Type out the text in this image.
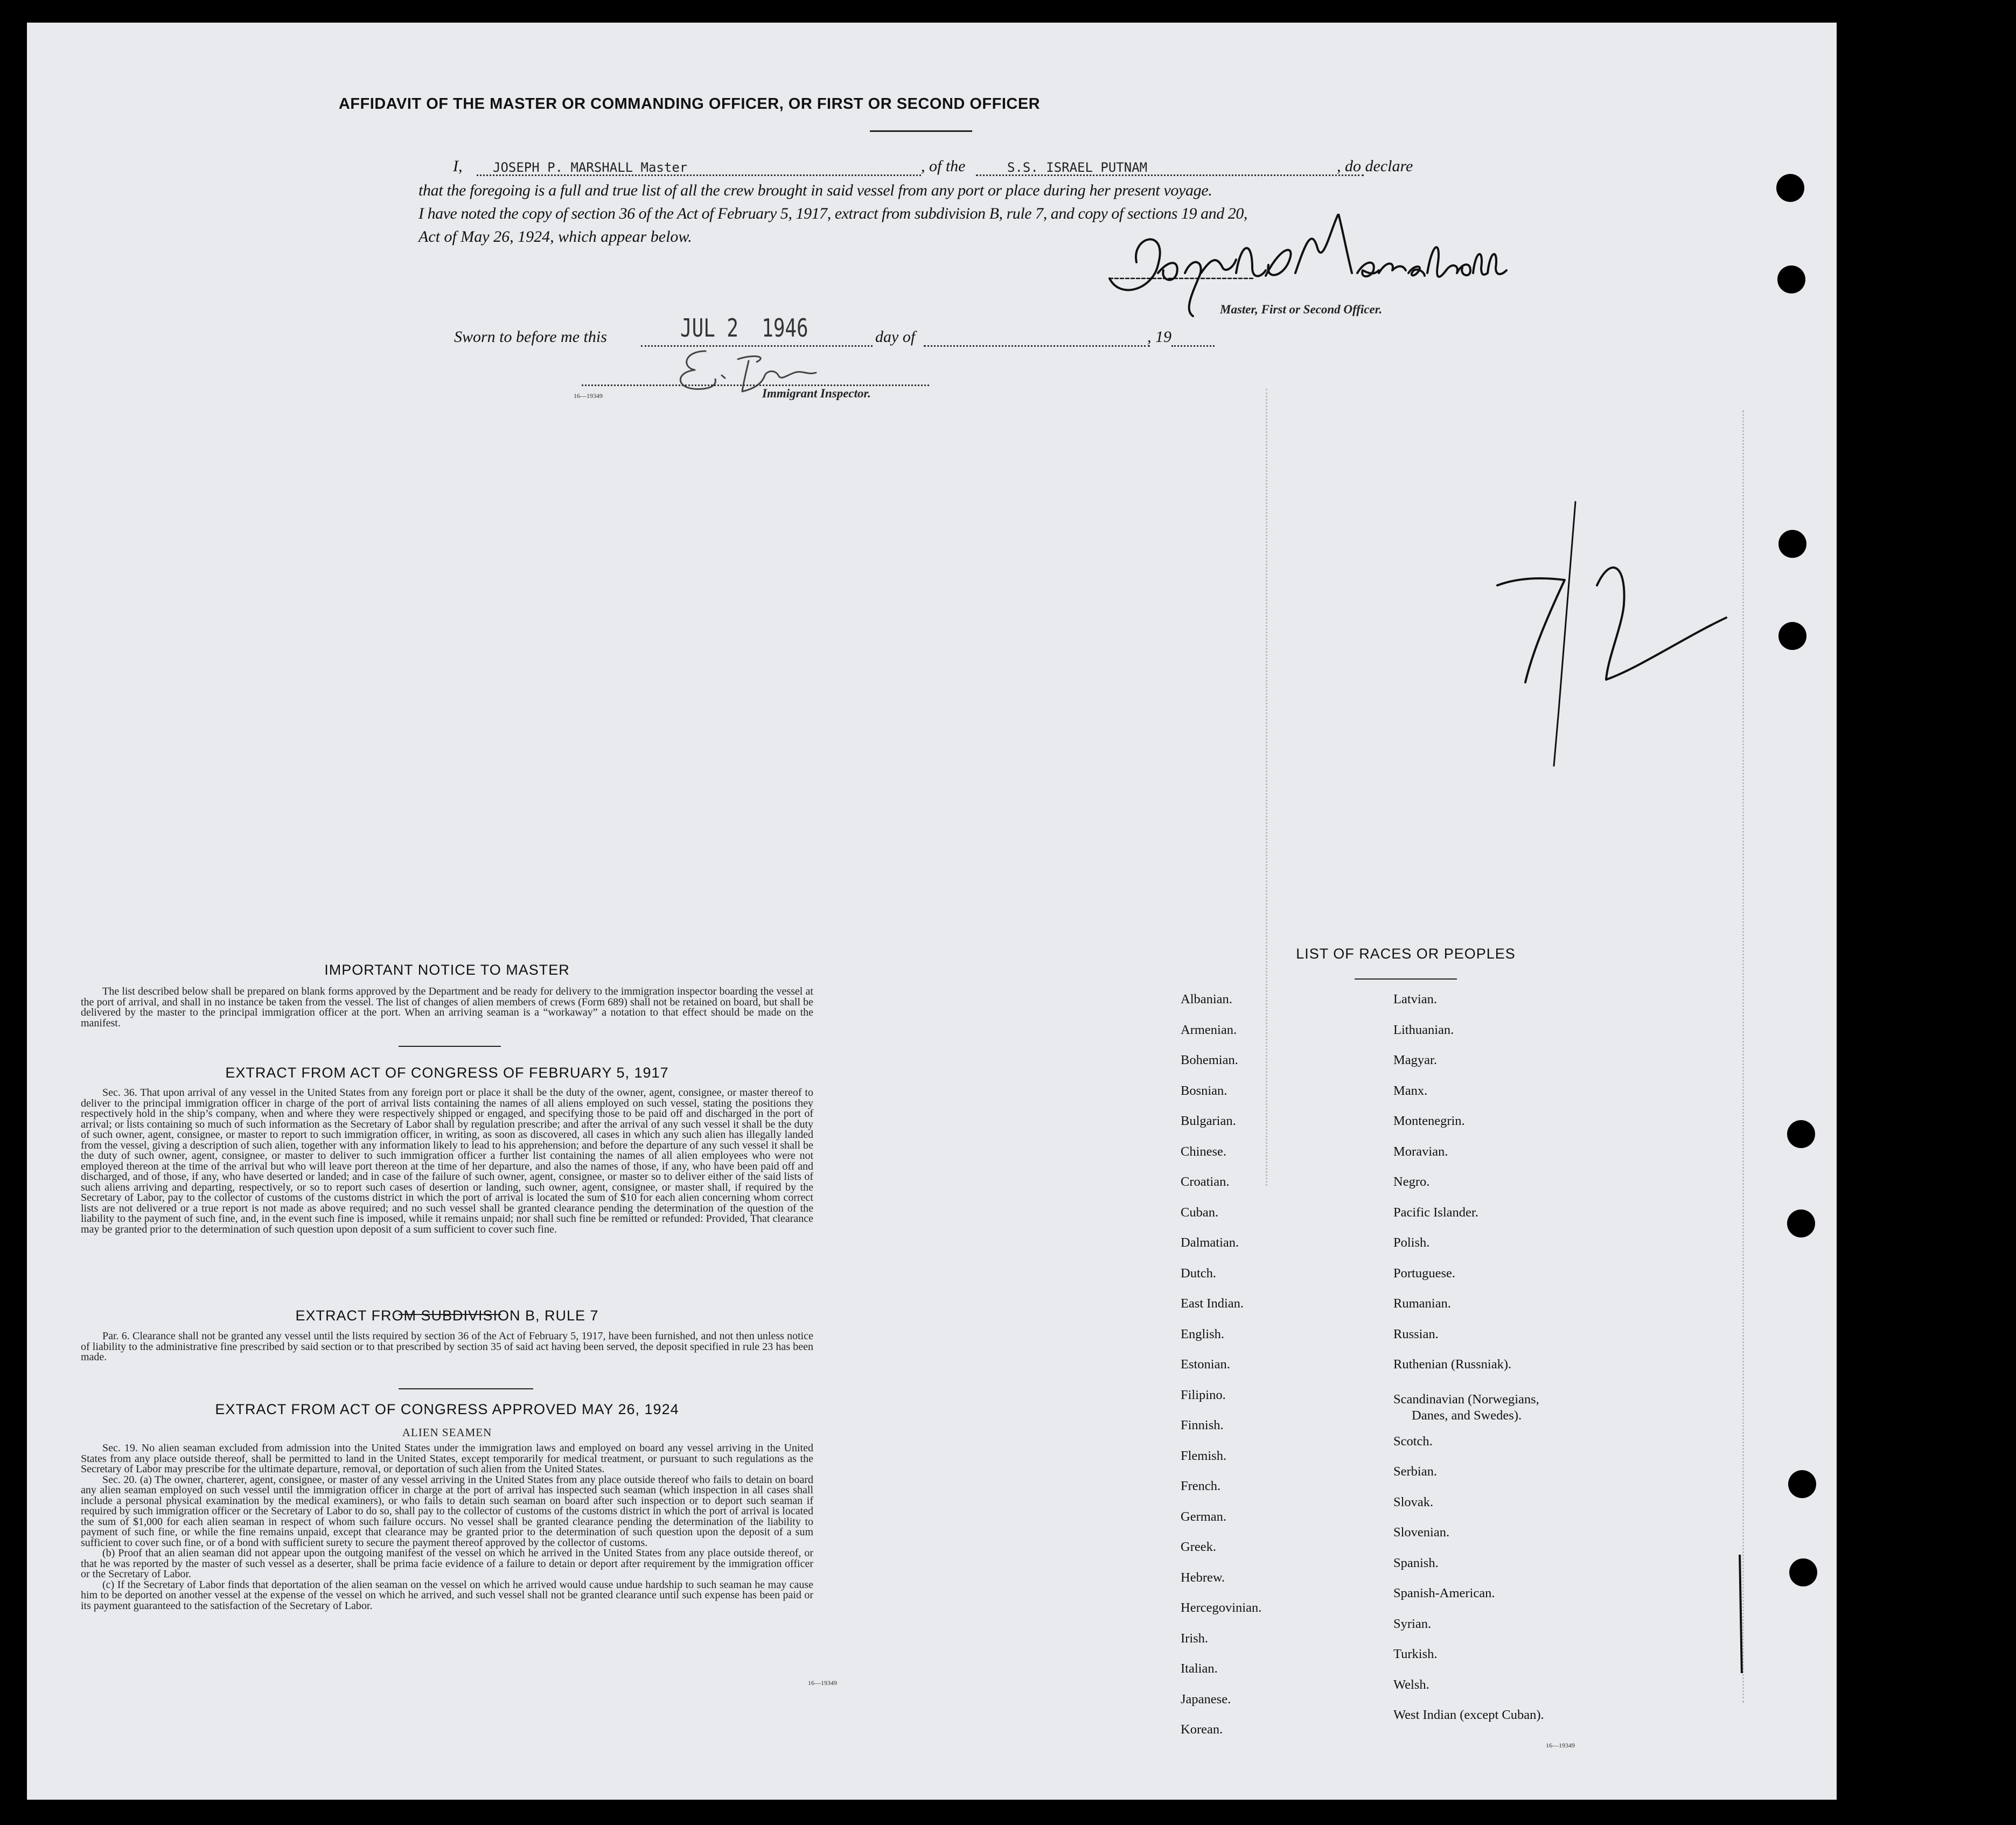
AFFIDAVIT OF THE MASTER OR COMMANDING OFFICER, OR FIRST OR SECOND OFFICER
I, JOSEPH P. MARSHALL Master	, of the	S.S. ISRAEL PUTNAM	, do declare
that the foregoing is a full and true list of all the crew brought in said vessel from any port or place during her present voyage.
I have noted the copy of section 36 of the Act of February 5, 1917, extract from subdivision B, rule 7, and copy of sections 19 and 20,
Act of May 26, 1924, which appear below.
Master, First or Second Officer.
Sworn to before me this	JUL 2  1946	day of	, 19
16—19349	Immigrant Inspector.
IMPORTANT NOTICE TO MASTER

The list described below shall be prepared on blank forms approved by the Department and be ready for delivery to the immigration inspector boarding the vessel at the port of arrival, and shall in no instance be taken from the vessel. The list of changes of alien members of crews (Form 689) shall not be retained on board, but shall be delivered by the master to the principal immigration officer at the port. When an arriving seaman is a “workaway” a notation to that effect should be made on the manifest.

EXTRACT FROM ACT OF CONGRESS OF FEBRUARY 5, 1917
Sec. 36. That upon arrival of any vessel in the United States from any foreign port or place it shall be the duty of the owner, agent, consignee, or master thereof to deliver to the principal immigration officer in charge of the port of arrival lists containing the names of all aliens employed on such vessel, stating the positions they respectively hold in the ship’s company, when and where they were respectively shipped or engaged, and specifying those to be paid off and discharged in the port of arrival; or lists containing so much of such information as the Secretary of Labor shall by regulation prescribe; and after the arrival of any such vessel it shall be the duty of such owner, agent, consignee, or master to report to such immigration officer, in writing, as soon as discovered, all cases in which any such alien has illegally landed from the vessel, giving a description of such alien, together with any information likely to lead to his apprehension; and before the departure of any such vessel it shall be the duty of such owner, agent, consignee, or master to deliver to such immigration officer a further list containing the names of all alien employees who were not employed thereon at the time of the arrival but who will leave port thereon at the time of her departure, and also the names of those, if any, who have been paid off and discharged, and of those, if any, who have deserted or landed; and in case of the failure of such owner, agent, consignee, or master so to deliver either of the said lists of such aliens arriving and departing, respectively, or so to report such cases of desertion or landing, such owner, agent, consignee, or master shall, if required by the Secretary of Labor, pay to the collector of customs of the customs district in which the port of arrival is located the sum of $10 for each alien concerning whom correct lists are not delivered or a true report is not made as above required; and no such vessel shall be granted clearance pending the determination of the question of the liability to the payment of such fine, and, in the event such fine is imposed, while it remains unpaid; nor shall such fine be remitted or refunded: Provided, That clearance may be granted prior to the determination of such question upon deposit of a sum sufficient to cover such fine.
EXTRACT FROM SUBDIVISION B, RULE 7
Par. 6. Clearance shall not be granted any vessel until the lists required by section 36 of the Act of February 5, 1917, have been furnished, and not then unless notice of liability to the administrative fine prescribed by said section or to that prescribed by section 35 of said act having been served, the deposit specified in rule 23 has been made.
EXTRACT FROM ACT OF CONGRESS APPROVED MAY 26, 1924
ALIEN SEAMEN
Sec. 19. No alien seaman excluded from admission into the United States under the immigration laws and employed on board any vessel arriving in the United States from any place outside thereof, shall be permitted to land in the United States, except temporarily for medical treatment, or pursuant to such regulations as the Secretary of Labor may prescribe for the ultimate departure, removal, or deportation of such alien from the United States.
Sec. 20. (a) The owner, charterer, agent, consignee, or master of any vessel arriving in the United States from any place outside thereof who fails to detain on board any alien seaman employed on such vessel until the immigration officer in charge at the port of arrival has inspected such seaman (which inspection in all cases shall include a personal physical examination by the medical examiners), or who fails to detain such seaman on board after such inspection or to deport such seaman if required by such immigration officer or the Secretary of Labor to do so, shall pay to the collector of customs of the customs district in which the port of arrival is located the sum of $1,000 for each alien seaman in respect of whom such failure occurs. No vessel shall be granted clearance pending the determination of the liability to payment of such fine, or while the fine remains unpaid, except that clearance may be granted prior to the determination of such question upon the deposit of a sum sufficient to cover such fine, or of a bond with sufficient surety to secure the payment thereof approved by the collector of customs.
(b) Proof that an alien seaman did not appear upon the outgoing manifest of the vessel on which he arrived in the United States from any place outside thereof, or that he was reported by the master of such vessel as a deserter, shall be prima facie evidence of a failure to detain or deport after requirement by the immigration officer or the Secretary of Labor.
(c) If the Secretary of Labor finds that deportation of the alien seaman on the vessel on which he arrived would cause undue hardship to such seaman he may cause him to be deported on another vessel at the expense of the vessel on which he arrived, and such vessel shall not be granted clearance until such expense has been paid or its payment guaranteed to the satisfaction of the Secretary of Labor.
16—19349
LIST OF RACES OR PEOPLES
Albanian.
Armenian.
Bohemian.
Bosnian.
Bulgarian.
Chinese.
Croatian.
Cuban.
Dalmatian.
Dutch.
East Indian.
English.
Estonian.
Filipino.
Finnish.
Flemish.
French.
German.
Greek.
Hebrew.
Hercegovinian.
Irish.
Italian.
Japanese.
Korean.
Latvian.
Lithuanian.
Magyar.
Manx.
Montenegrin.
Moravian.
Negro.
Pacific Islander.
Polish.
Portuguese.
Rumanian.
Russian.
Ruthenian (Russniak).
Scandinavian (Norwegians,
Danes, and Swedes).
Scotch.
Serbian.
Slovak.
Slovenian.
Spanish.
Spanish-American.
Syrian.
Turkish.
Welsh.
West Indian (except Cuban).
16—19349
